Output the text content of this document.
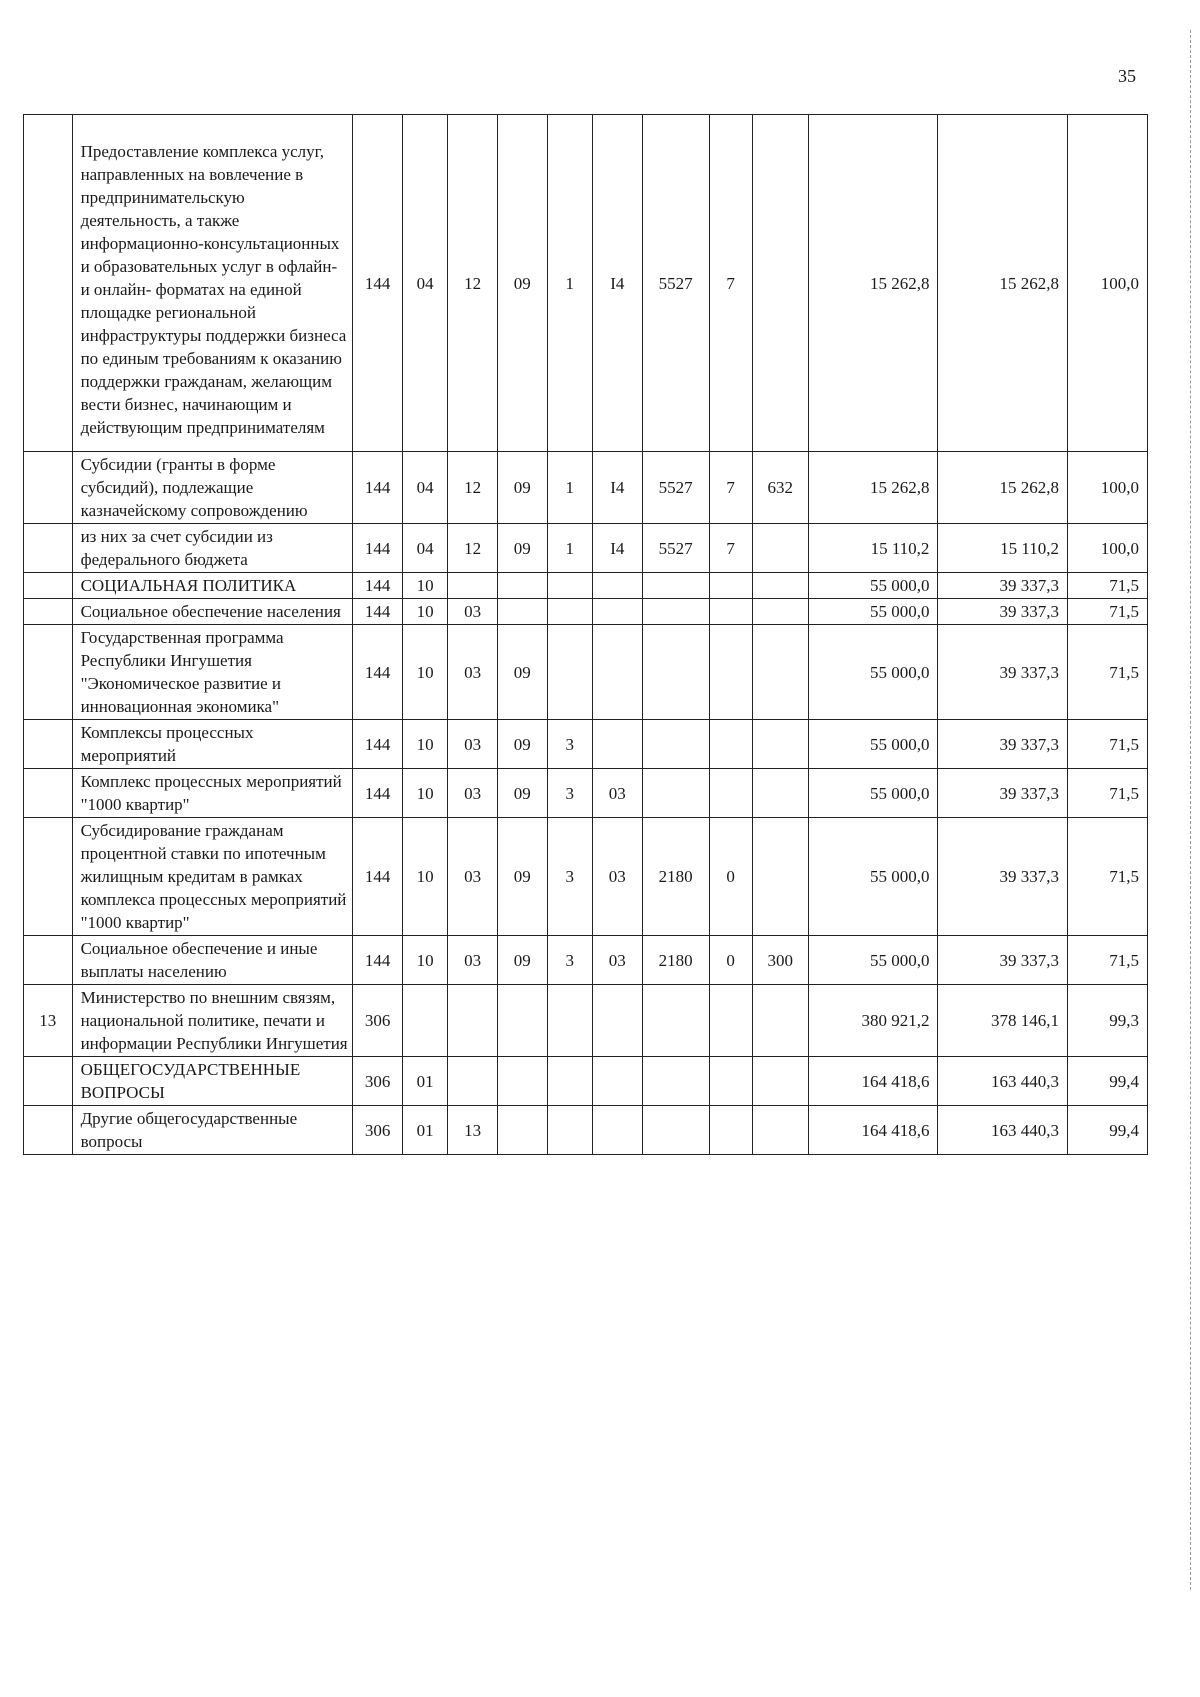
35
	Предоставление комплекса услуг, направленных на вовлечение в предпринимательскую деятельность, а также информационно-консультационных и образовательных услуг в офлайн- и онлайн- форматах на единой площадке региональной инфраструктуры поддержки бизнеса по единым требованиям к оказанию поддержки гражданам, желающим вести бизнес, начинающим и действующим предпринимателям	144	04	12	09	1	I4	5527	7		15 262,8	15 262,8	100,0
	Субсидии (гранты в форме субсидий), подлежащие казначейскому сопровождению	144	04	12	09	1	I4	5527	7	632	15 262,8	15 262,8	100,0
	из них за счет субсидии из федерального бюджета	144	04	12	09	1	I4	5527	7		15 110,2	15 110,2	100,0
	СОЦИАЛЬНАЯ ПОЛИТИКА	144	10								55 000,0	39 337,3	71,5
	Социальное обеспечение населения	144	10	03							55 000,0	39 337,3	71,5
	Государственная программа Республики Ингушетия "Экономическое развитие и инновационная экономика"	144	10	03	09						55 000,0	39 337,3	71,5
	Комплексы процессных мероприятий	144	10	03	09	3					55 000,0	39 337,3	71,5
	Комплекс процессных мероприятий "1000 квартир"	144	10	03	09	3	03				55 000,0	39 337,3	71,5
	Субсидирование гражданам процентной ставки по ипотечным жилищным кредитам в рамках комплекса процессных мероприятий "1000 квартир"	144	10	03	09	3	03	2180	0		55 000,0	39 337,3	71,5
	Социальное обеспечение и иные выплаты населению	144	10	03	09	3	03	2180	0	300	55 000,0	39 337,3	71,5
13	Министерство по внешним связям, национальной политике, печати и информации Республики Ингушетия	306									380 921,2	378 146,1	99,3
	ОБЩЕГОСУДАРСТВЕННЫЕ ВОПРОСЫ	306	01								164 418,6	163 440,3	99,4
	Другие общегосударственные вопросы	306	01	13							164 418,6	163 440,3	99,4
